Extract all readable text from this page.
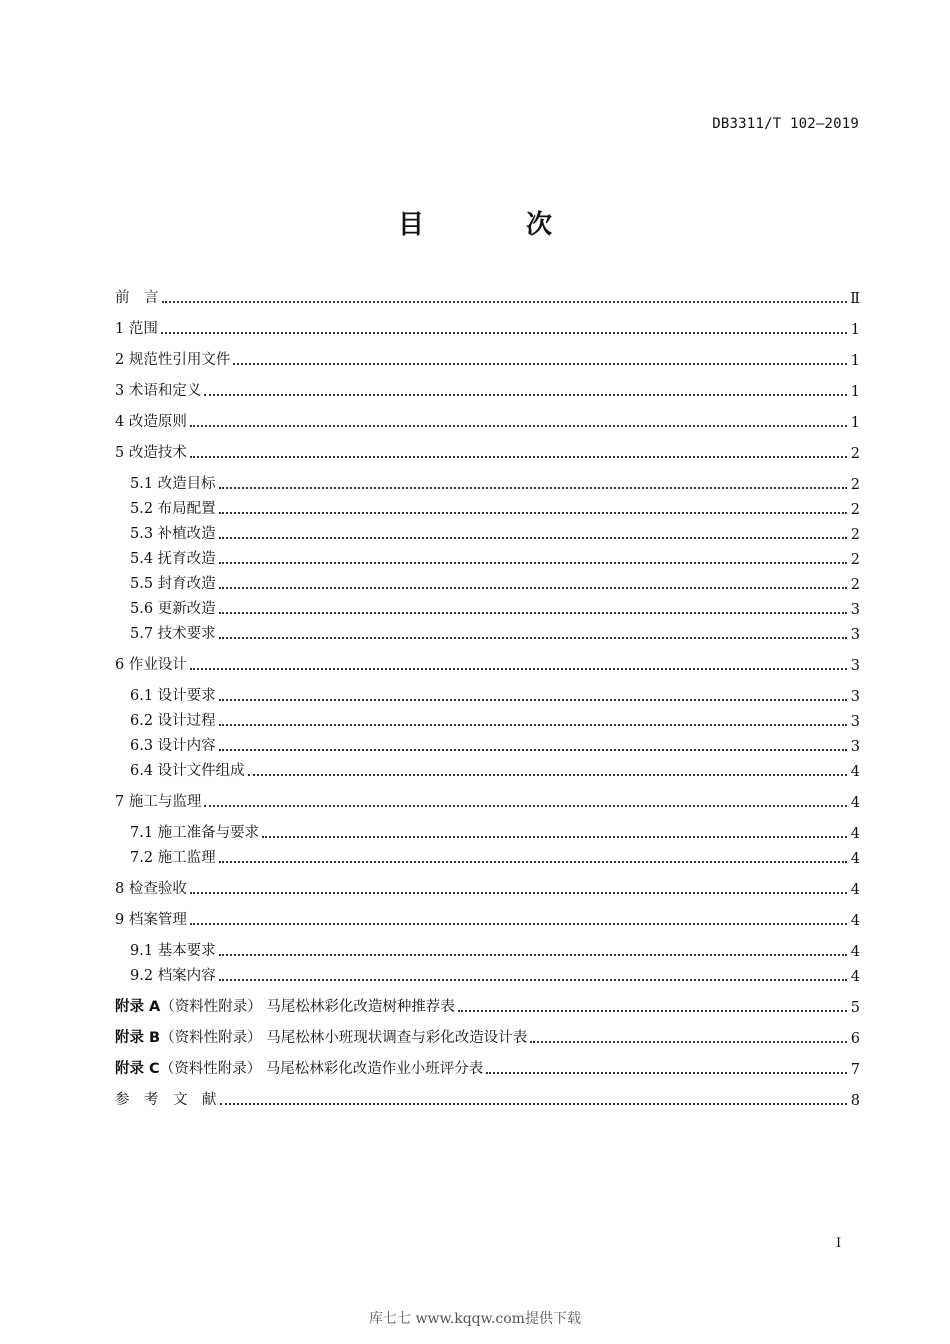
DB3311/T 102—2019
目　次
前　言	Ⅱ
1 范围	1
2 规范性引用文件	1
3 术语和定义	1
4 改造原则	1
5 改造技术	2
5.1 改造目标	2
5.2 布局配置	2
5.3 补植改造	2
5.4 抚育改造	2
5.5 封育改造	2
5.6 更新改造	3
5.7 技术要求	3
6 作业设计	3
6.1 设计要求	3
6.2 设计过程	3
6.3 设计内容	3
6.4 设计文件组成	4
7 施工与监理	4
7.1 施工准备与要求	4
7.2 施工监理	4
8 检查验收	4
9 档案管理	4
9.1 基本要求	4
9.2 档案内容	4
附录 A（资料性附录） 马尾松林彩化改造树种推荐表	5
附录 B（资料性附录） 马尾松林小班现状调查与彩化改造设计表	6
附录 C（资料性附录） 马尾松林彩化改造作业小班评分表	7
参　考　文　献	8
I
库七七 www.kqqw.com提供下载
